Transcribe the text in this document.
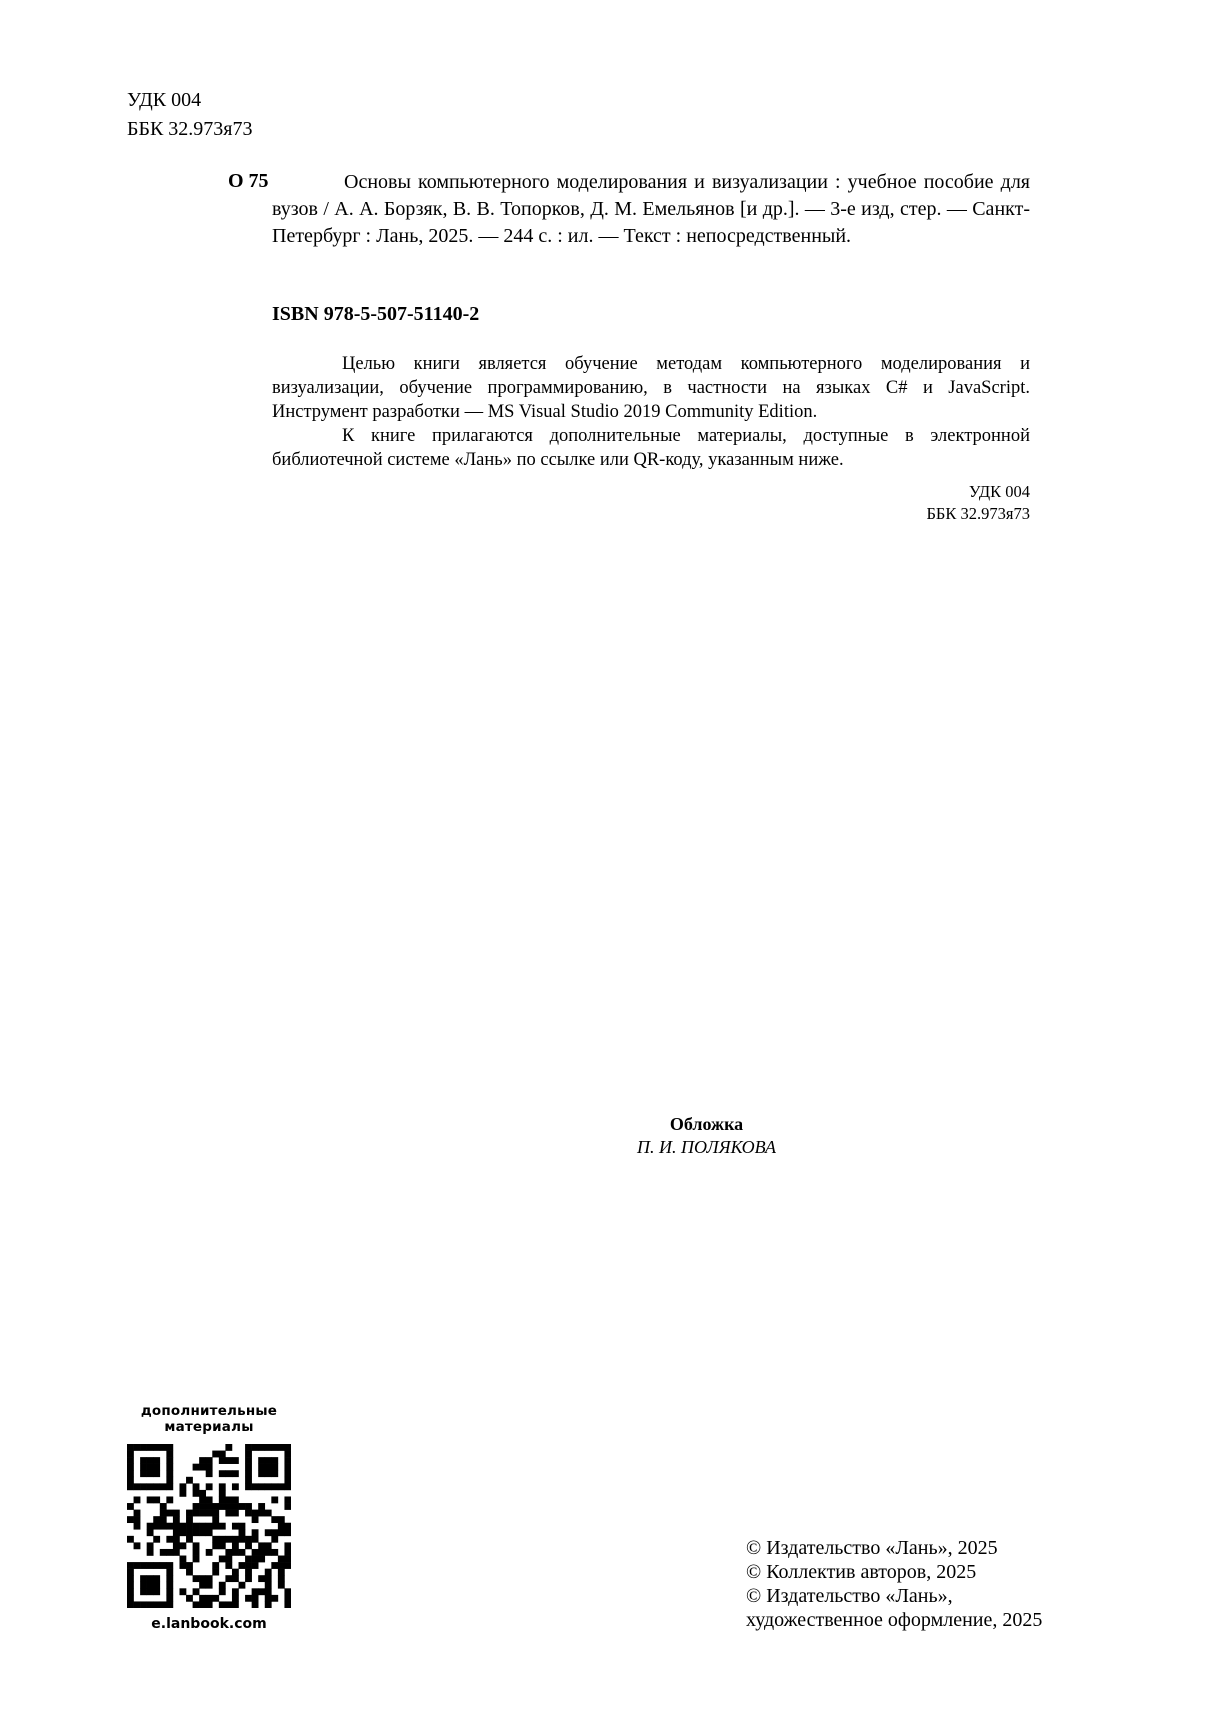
УДК 004
ББК 32.973я73
О 75	Основы компьютерного моделирования и визуализации : учебное пособие для вузов / А. А. Борзяк, В. В. Топорков, Д. М. Емельянов [и др.]. — 3-е изд, стер. — Санкт-Петербург : Лань, 2025. — 244 с. : ил. — Текст : непосредственный.
ISBN 978-5-507-51140-2

Целью книги является обучение методам компьютерного моделирования и визуализации, обучение программированию, в частности на языках C# и JavaScript. Инструмент разработки — MS Visual Studio 2019 Community Edition.

К книге прилагаются дополнительные материалы, доступные в электронной библиотечной системе «Лань» по ссылке или QR-коду, указанным ниже.

УДК 004
ББК 32.973я73
Обложка
П. И. ПОЛЯКОВА
дополнительные
материалы
e.lanbook.com
© Издательство «Лань», 2025
© Коллектив авторов, 2025
© Издательство «Лань»,
художественное оформление, 2025
